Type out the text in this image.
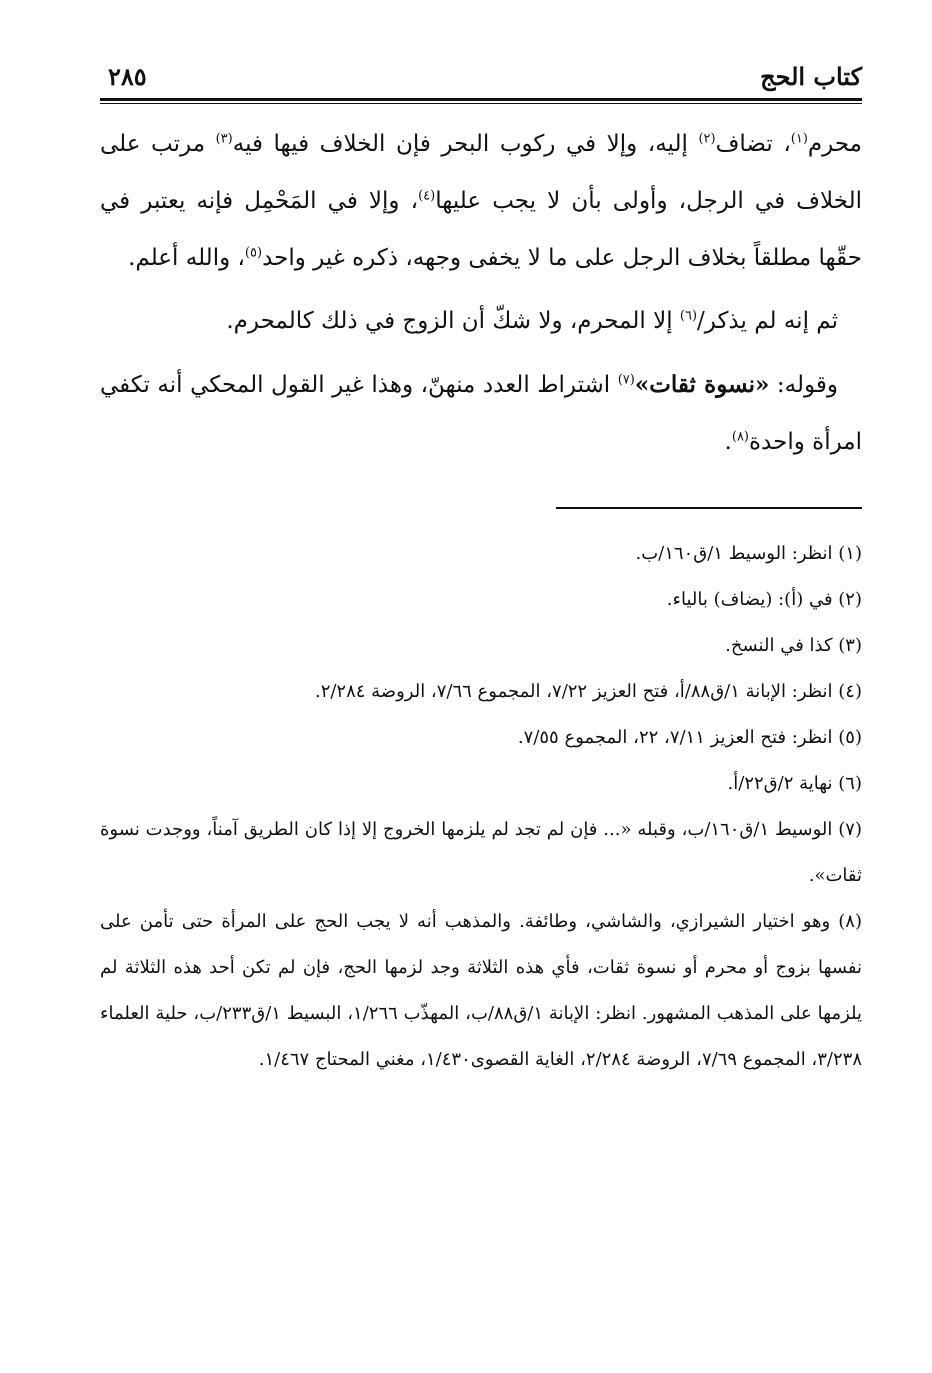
كتاب الحج
٢٨٥

محرم$^{(١)}$، تضاف$^{(٢)}$ إليه، وإلا في ركوب البحر فإن الخلاف فيها فيه$^{(٣)}$ مرتب على الخلاف في الرجل، وأولى بأن لا يجب عليها$^{(٤)}$، وإلا في المَحْمِل فإنه يعتبر في حقّها مطلقاً بخلاف الرجل على ما لا يخفى وجهه، ذكره غير واحد$^{(٥)}$، والله أعلم.

ثم إنه لم يذكر/$^{(٦)}$ إلا المحرم، ولا شكّ أن الزوج في ذلك كالمحرم.

وقوله: «نسوة ثقات»$^{(٧)}$ اشتراط العدد منهنّ، وهذا غير القول المحكي أنه تكفي امرأة واحدة$^{(٨)}$.

(١) انظر: الوسيط ١/ق١٦٠/ب.

(٢) في (أ): (يضاف) بالياء.

(٣) كذا في النسخ.

(٤) انظر: الإبانة ١/ق٨٨/أ، فتح العزيز ٧/٢٢، المجموع ٧/٦٦، الروضة ٢/٢٨٤.

(٥) انظر: فتح العزيز ٧/١١، ٢٢، المجموع ٧/٥٥.

(٦) نهاية ٢/ق٢٢/أ.

(٧) الوسيط ١/ق١٦٠/ب، وقبله «... فإن لم تجد لم يلزمها الخروج إلا إذا كان الطريق آمناً، ووجدت نسوة ثقات».

(٨) وهو اختيار الشيرازي، والشاشي، وطائفة. والمذهب أنه لا يجب الحج على المرأة حتى تأمن على نفسها بزوج أو محرم أو نسوة ثقات، فأي هذه الثلاثة وجد لزمها الحج، فإن لم تكن أحد هذه الثلاثة لم يلزمها على المذهب المشهور. انظر: الإبانة ١/ق٨٨/ب، المهذّب ١/٢٦٦، البسيط ١/ق٢٣٣/ب، حلية العلماء ٣/٢٣٨، المجموع ٧/٦٩، الروضة ٢/٢٨٤، الغاية القصوى١/٤٣٠، مغني المحتاج ١/٤٦٧.
